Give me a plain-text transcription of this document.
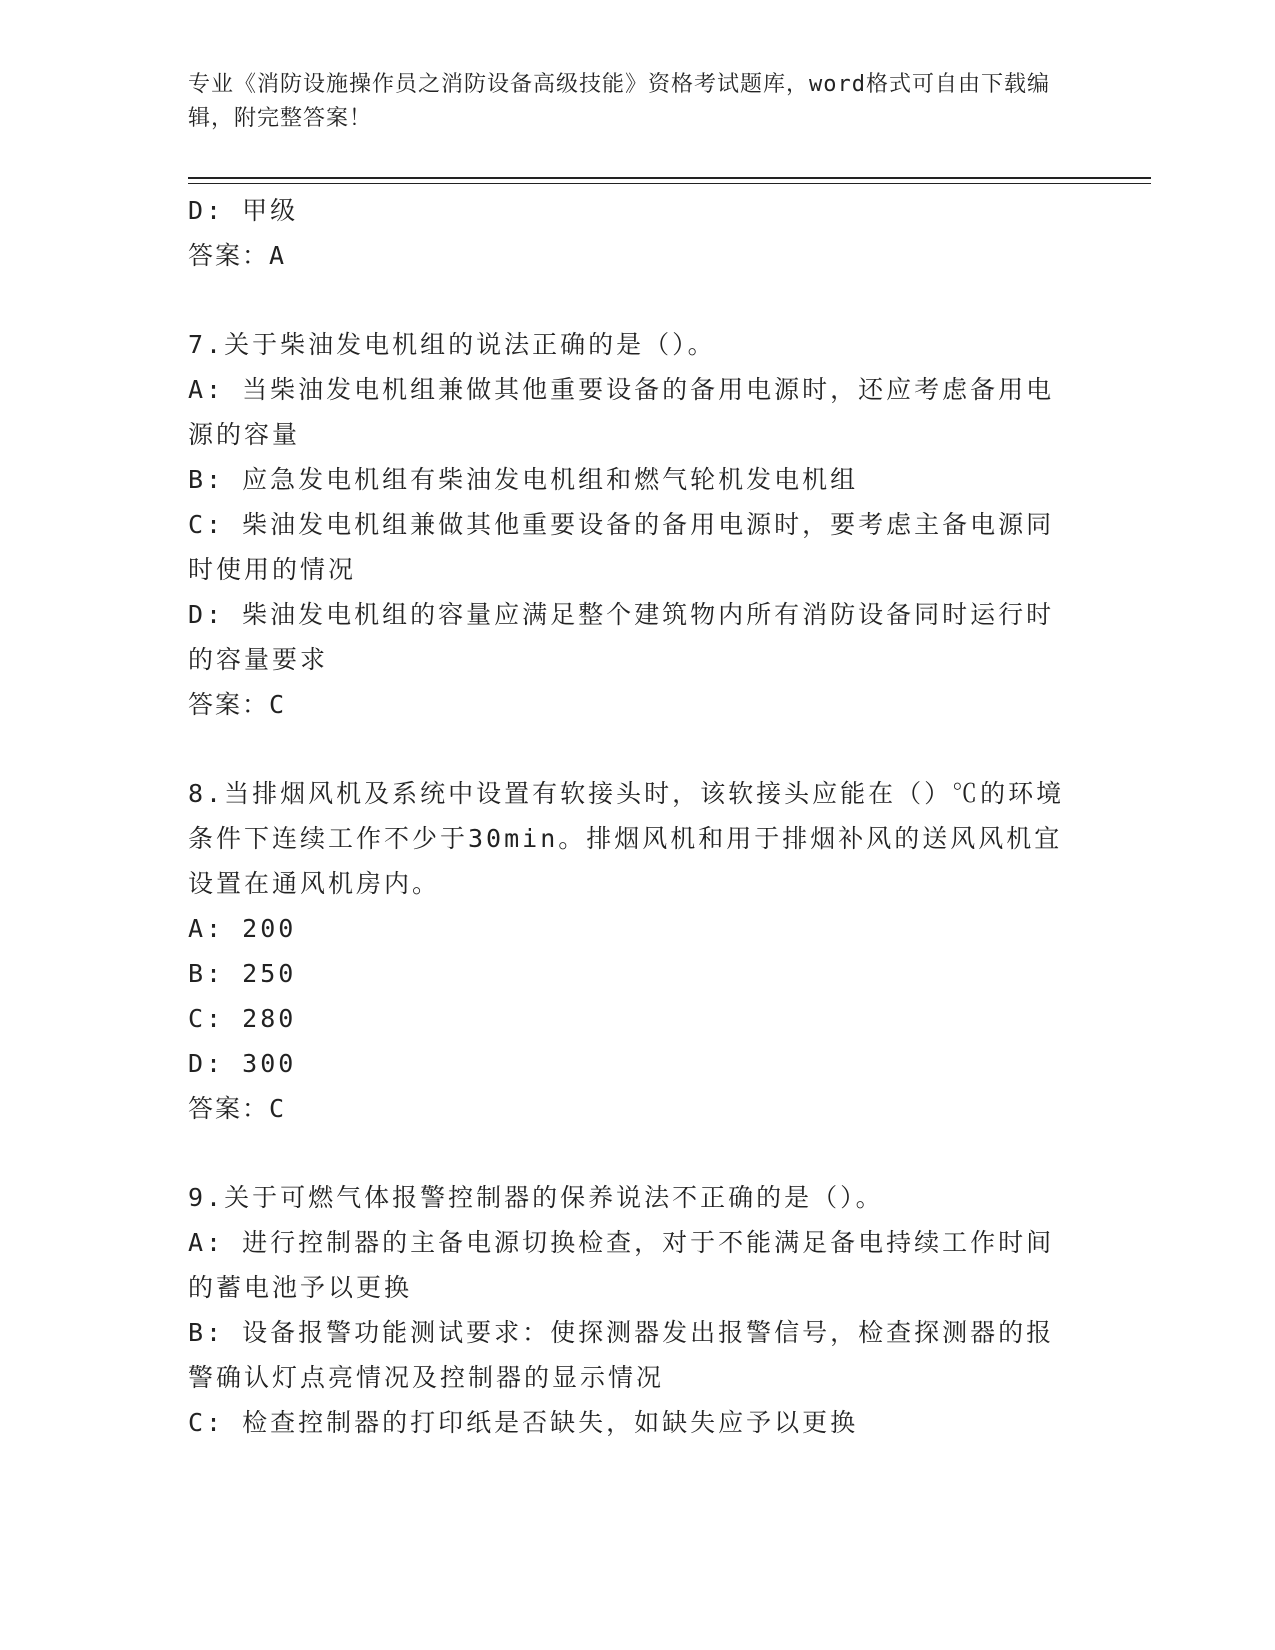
专业《消防设施操作员之消防设备高级技能》资格考试题库，word格式可自由下载编辑，附完整答案！

D: 甲级

答案：A

7.关于柴油发电机组的说法正确的是（）。

A: 当柴油发电机组兼做其他重要设备的备用电源时，还应考虑备用电源的容量

B: 应急发电机组有柴油发电机组和燃气轮机发电机组

C: 柴油发电机组兼做其他重要设备的备用电源时，要考虑主备电源同时使用的情况

D: 柴油发电机组的容量应满足整个建筑物内所有消防设备同时运行时的容量要求

答案：C

8.当排烟风机及系统中设置有软接头时，该软接头应能在（）℃的环境条件下连续工作不少于30min。排烟风机和用于排烟补风的送风风机宜设置在通风机房内。

A: 200

B: 250

C: 280

D: 300

答案：C

9.关于可燃气体报警控制器的保养说法不正确的是（）。

A: 进行控制器的主备电源切换检查，对于不能满足备电持续工作时间的蓄电池予以更换

B: 设备报警功能测试要求：使探测器发出报警信号，检查探测器的报警确认灯点亮情况及控制器的显示情况

C: 检查控制器的打印纸是否缺失，如缺失应予以更换
